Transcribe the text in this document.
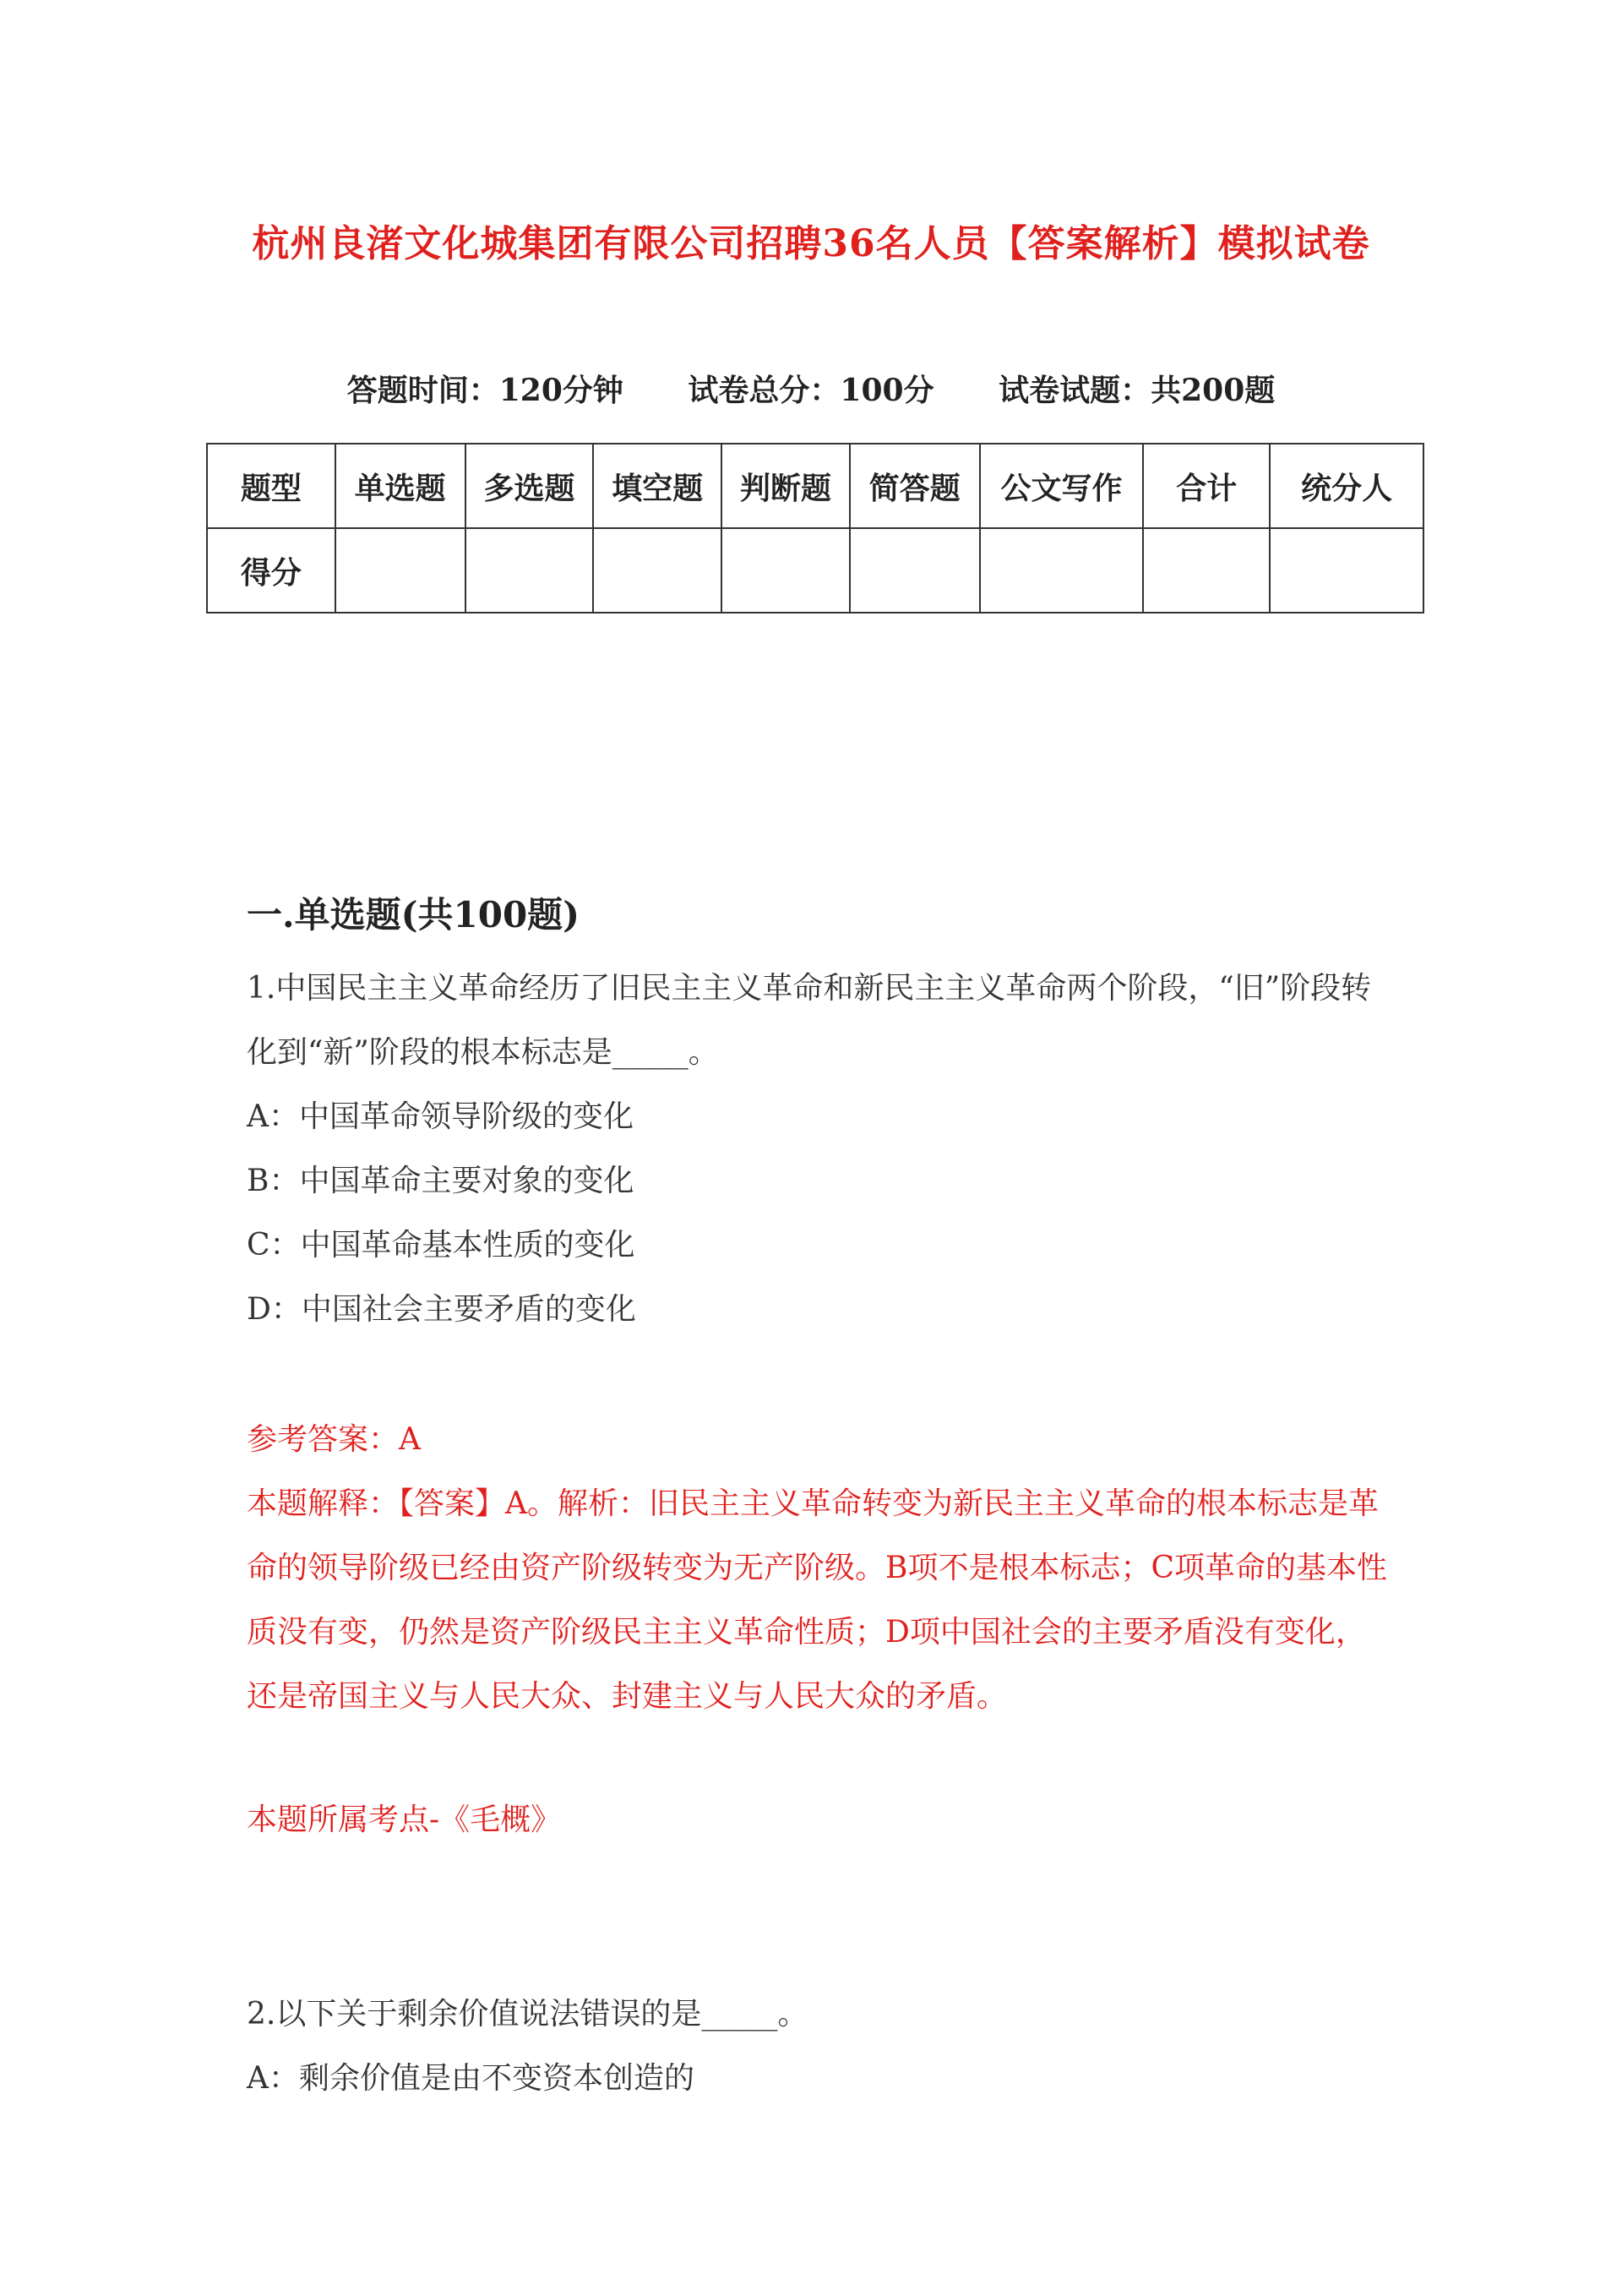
杭州良渚文化城集团有限公司招聘36名人员【答案解析】模拟试卷
答题时间：120分钟 试卷总分：100分 试卷试题：共200题
题型	单选题	多选题	填空题	判断题	简答题	公文写作	合计	统分人
得分								
一.单选题(共100题)

1.中国民主主义革命经历了旧民主主义革命和新民主主义革命两个阶段，“旧”阶段转化到“新”阶段的根本标志是_____。

A：中国革命领导阶级的变化

B：中国革命主要对象的变化

C：中国革命基本性质的变化

D：中国社会主要矛盾的变化

参考答案：A
本题解释：【答案】A。解析：旧民主主义革命转变为新民主主义革命的根本标志是革命的领导阶级已经由资产阶级转变为无产阶级。B项不是根本标志；C项革命的基本性质没有变，仍然是资产阶级民主主义革命性质；D项中国社会的主要矛盾没有变化，还是帝国主义与人民大众、封建主义与人民大众的矛盾。
本题所属考点-《毛概》

2.以下关于剩余价值说法错误的是_____。

A：剩余价值是由不变资本创造的
